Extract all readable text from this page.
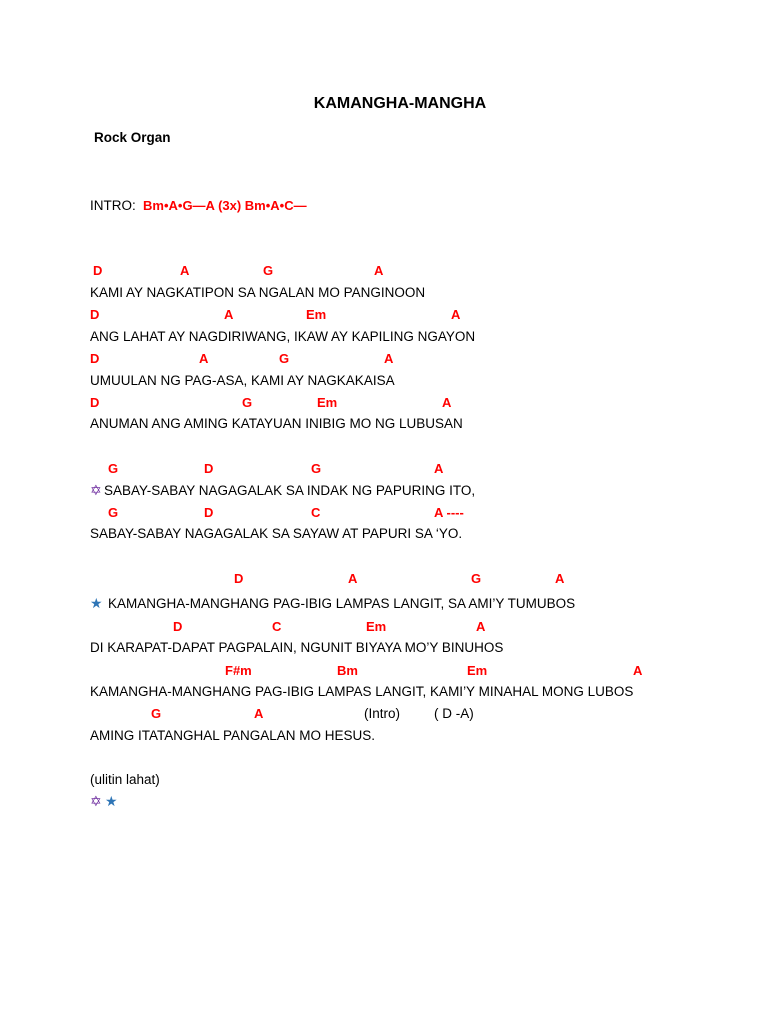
KAMANGHA-MANGHA
Rock Organ
INTRO: Bm•A•G—A (3x) Bm•A•C—
D	A	G	A
KAMI AY NAGKATIPON SA NGALAN MO PANGINOON
D	A	Em	A
ANG LAHAT AY NAGDIRIWANG, IKAW AY KAPILING NGAYON
D	A	G	A
UMUULAN NG PAG-ASA, KAMI AY NAGKAKAISA
D	G	Em	A
ANUMAN ANG AMING KATAYUAN INIBIG MO NG LUBUSAN
G	D	G	A
✡ SABAY-SABAY NAGAGALAK SA INDAK NG PAPURING ITO,
G	D	C	A ----
SABAY-SABAY NAGAGALAK SA SAYAW AT PAPURI SA ‘YO.
D	A	G	A
★ KAMANGHA-MANGHANG PAG-IBIG LAMPAS LANGIT, SA AMI’Y TUMUBOS
D	C	Em	A
DI KARAPAT-DAPAT PAGPALAIN, NGUNIT BIYAYA MO’Y BINUHOS
F#m	Bm	Em	A
KAMANGHA-MANGHANG PAG-IBIG LAMPAS LANGIT, KAMI’Y MINAHAL MONG LUBOS
G	A	(Intro)	( D -A)
AMING ITATANGHAL PANGALAN MO HESUS.
(ulitin lahat)
✡ ★
